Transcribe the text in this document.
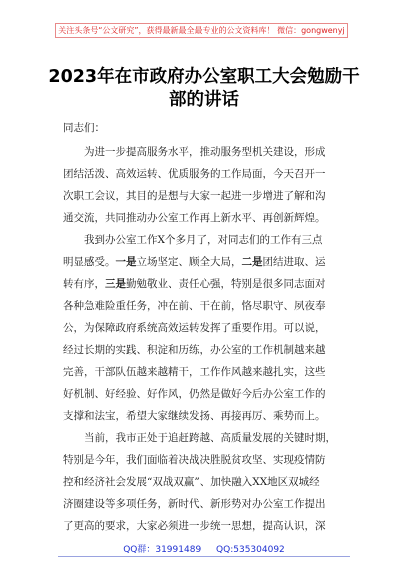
关注头条号“公文研究”，获得最新最全最专业的公文资料库！ 微信：gongwenyj
2023年在市政府办公室职工大会勉励干
部的讲话
同志们：
为进一步提高服务水平，推动服务型机关建设，形成
团结活泼、高效运转、优质服务的工作局面，今天召开一
次职工会议，其目的是想与大家一起进一步增进了解和沟
通交流，共同推动办公室工作再上新水平、再创新辉煌。
我到办公室工作X个多月了，对同志们的工作有三点
明显感受。一是立场坚定、顾全大局，二是团结进取、运
转有序，三是勤勉敬业、责任心强，特别是很多同志面对
各种急难险重任务，冲在前、干在前，恪尽职守、夙夜奉
公，为保障政府系统高效运转发挥了重要作用。可以说，
经过长期的实践、积淀和历练，办公室的工作机制越来越
完善，干部队伍越来越精干，工作作风越来越扎实，这些
好机制、好经验、好作风，仍然是做好今后办公室工作的
支撑和法宝，希望大家继续发扬、再接再厉、乘势而上。
当前，我市正处于追赶跨越、高质量发展的关键时期，
特别是今年，我们面临着决战决胜脱贫攻坚、实现疫情防
控和经济社会发展“双战双赢”、加快融入XX地区双城经
济圈建设等多项任务，新时代、新形势对办公室工作提出
了更高的要求，大家必须进一步统一思想，提高认识，深
QQ群：31991489 QQ:535304092
